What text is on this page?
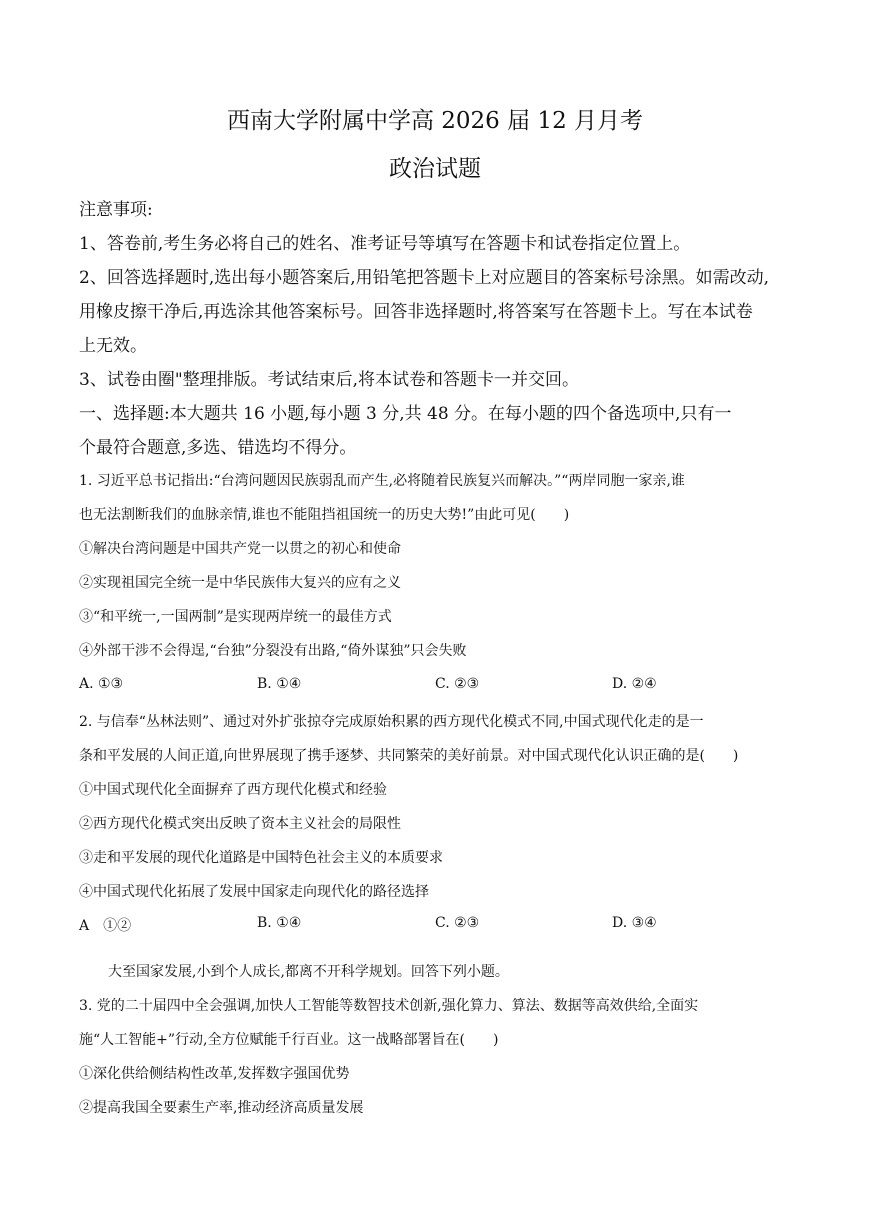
西南大学附属中学高 2026 届 12 月月考
政治试题
注意事项:
1、答卷前,考生务必将自己的姓名、准考证号等填写在答题卡和试卷指定位置上。
2、回答选择题时,选出每小题答案后,用铅笔把答题卡上对应题目的答案标号涂黑。如需改动,
用橡皮擦干净后,再选涂其他答案标号。回答非选择题时,将答案写在答题卡上。写在本试卷
上无效。
3、试卷由圈"整理排版。考试结束后,将本试卷和答题卡一并交回。
一、选择题:本大题共 16 小题,每小题 3 分,共 48 分。在每小题的四个备选项中,只有一
个最符合题意,多选、错选均不得分。
1. 习近平总书记指出:“台湾问题因民族弱乱而产生,必将随着民族复兴而解决。”“两岸同胞一家亲,谁
也无法割断我们的血脉亲情,谁也不能阻挡祖国统一的历史大势!”由此可见(　　)
①解决台湾问题是中国共产党一以贯之的初心和使命
②实现祖国完全统一是中华民族伟大复兴的应有之义
③“和平统一,一国两制”是实现两岸统一的最佳方式
④外部干涉不会得逞,“台独”分裂没有出路,“倚外谋独”只会失败
A. ①③	B. ①④	C. ②③	D. ②④
2. 与信奉“丛林法则”、通过对外扩张掠夺完成原始积累的西方现代化模式不同,中国式现代化走的是一
条和平发展的人间正道,向世界展现了携手逐梦、共同繁荣的美好前景。对中国式现代化认识正确的是(　　)
①中国式现代化全面摒弃了西方现代化模式和经验
②西方现代化模式突出反映了资本主义社会的局限性
③走和平发展的现代化道路是中国特色社会主义的本质要求
④中国式现代化拓展了发展中国家走向现代化的路径选择
A　①②	B. ①④	C. ②③	D. ③④
大至国家发展,小到个人成长,都离不开科学规划。回答下列小题。
3. 党的二十届四中全会强调,加快人工智能等数智技术创新,强化算力、算法、数据等高效供给,全面实
施“人工智能+”行动,全方位赋能千行百业。这一战略部署旨在(　　)
①深化供给侧结构性改革,发挥数字强国优势
②提高我国全要素生产率,推动经济高质量发展
